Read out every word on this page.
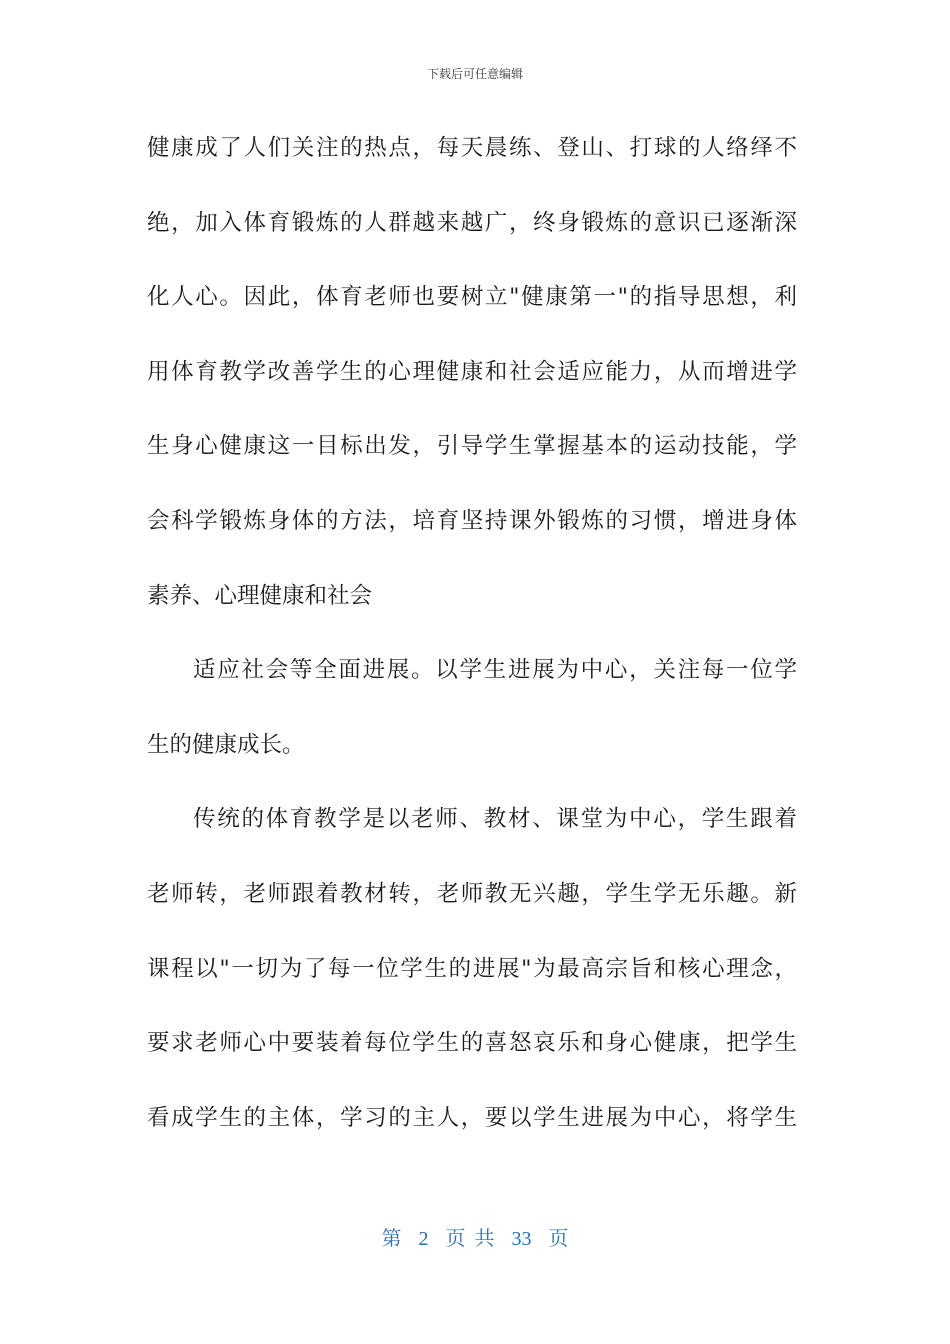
下载后可任意编辑
健康成了人们关注的热点，每天晨练、登山、打球的人络绎不
绝，加入体育锻炼的人群越来越广，终身锻炼的意识已逐渐深
化人心。因此，体育老师也要树立"健康第一"的指导思想，利
用体育教学改善学生的心理健康和社会适应能力，从而增进学
生身心健康这一目标出发，引导学生掌握基本的运动技能，学
会科学锻炼身体的方法，培育坚持课外锻炼的习惯，增进身体
素养、心理健康和社会
适应社会等全面进展。以学生进展为中心，关注每一位学
生的健康成长。
传统的体育教学是以老师、教材、课堂为中心，学生跟着
老师转，老师跟着教材转，老师教无兴趣，学生学无乐趣。新
课程以"一切为了每一位学生的进展"为最高宗旨和核心理念，
要求老师心中要装着每位学生的喜怒哀乐和身心健康，把学生
看成学生的主体，学习的主人，要以学生进展为中心，将学生
第 2 页 共 33 页
